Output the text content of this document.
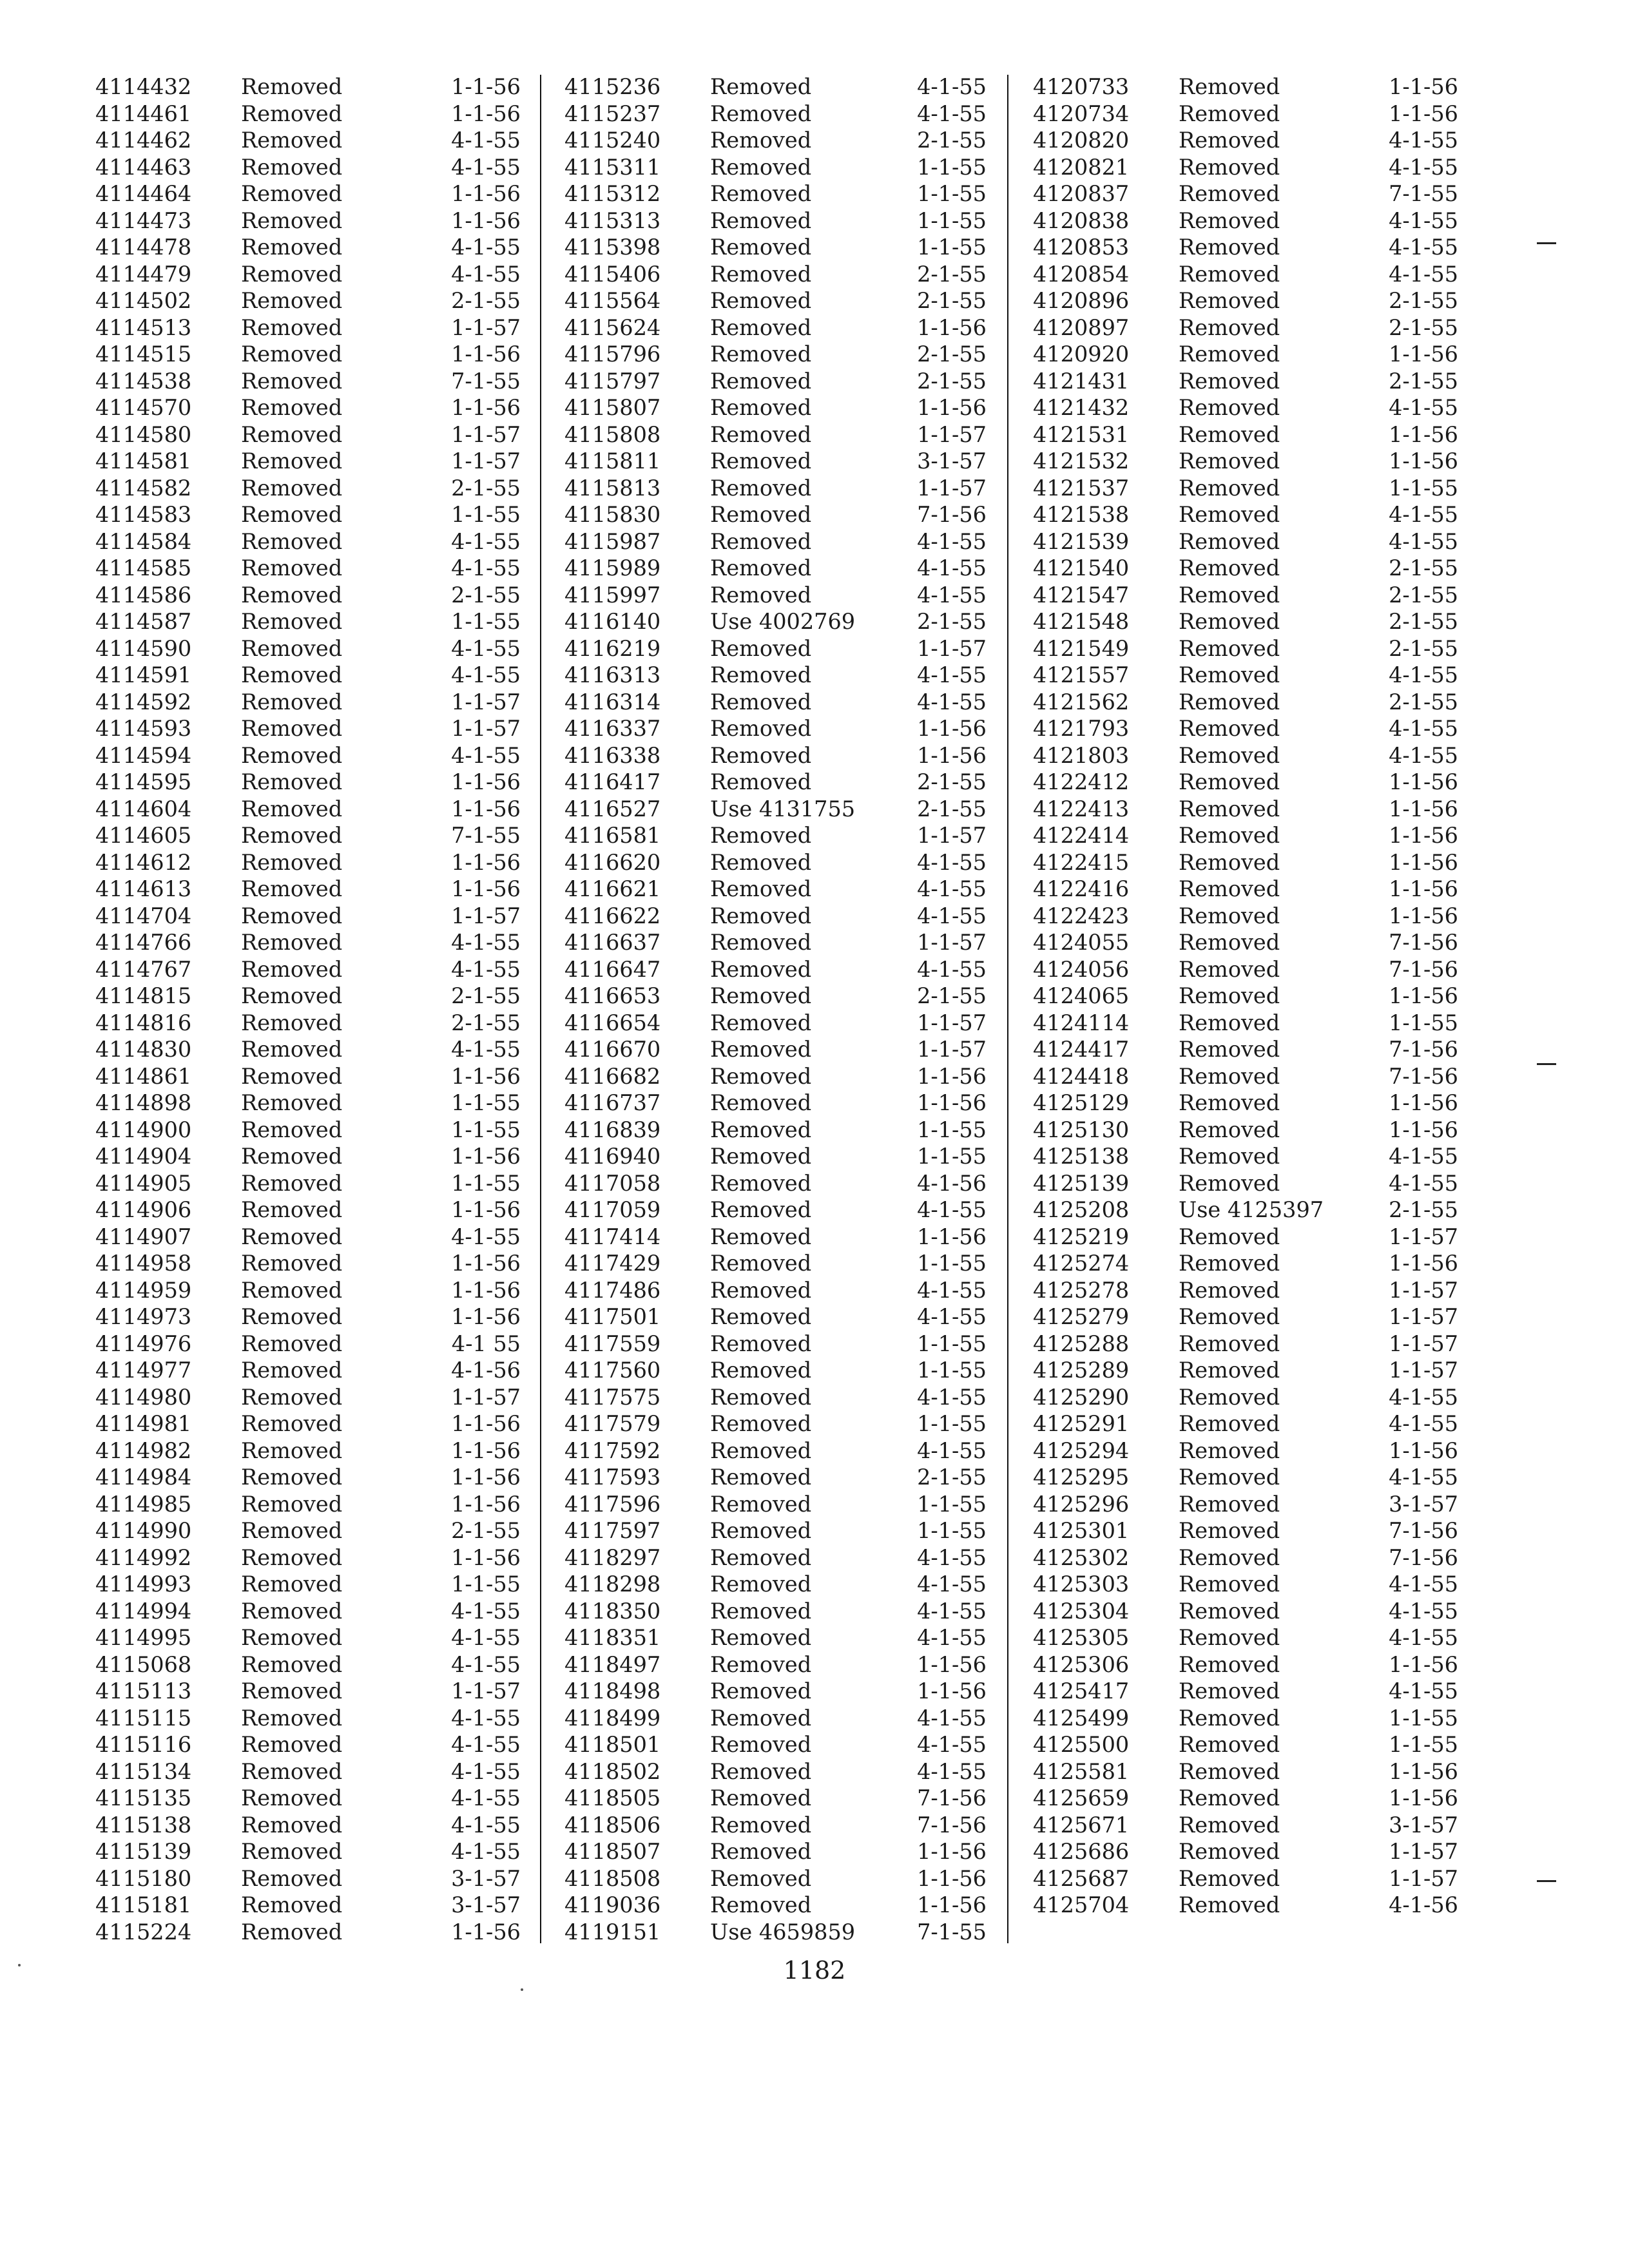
4114432 Removed	1-1-56
4114461 Removed	1-1-56
4114462 Removed	4-1-55
4114463 Removed	4-1-55
4114464 Removed	1-1-56
4114473 Removed	1-1-56
4114478 Removed	4-1-55
4114479 Removed	4-1-55
4114502 Removed	2-1-55
4114513 Removed	1-1-57
4114515 Removed	1-1-56
4114538 Removed	7-1-55
4114570 Removed	1-1-56
4114580 Removed	1-1-57
4114581 Removed	1-1-57
4114582 Removed	2-1-55
4114583 Removed	1-1-55
4114584 Removed	4-1-55
4114585 Removed	4-1-55
4114586 Removed	2-1-55
4114587 Removed	1-1-55
4114590 Removed	4-1-55
4114591 Removed	4-1-55
4114592 Removed	1-1-57
4114593 Removed	1-1-57
4114594 Removed	4-1-55
4114595 Removed	1-1-56
4114604 Removed	1-1-56
4114605 Removed	7-1-55
4114612 Removed	1-1-56
4114613 Removed	1-1-56
4114704 Removed	1-1-57
4114766 Removed	4-1-55
4114767 Removed	4-1-55
4114815 Removed	2-1-55
4114816 Removed	2-1-55
4114830 Removed	4-1-55
4114861 Removed	1-1-56
4114898 Removed	1-1-55
4114900 Removed	1-1-55
4114904 Removed	1-1-56
4114905 Removed	1-1-55
4114906 Removed	1-1-56
4114907 Removed	4-1-55
4114958 Removed	1-1-56
4114959 Removed	1-1-56
4114973 Removed	1-1-56
4114976 Removed	4-1 55
4114977 Removed	4-1-56
4114980 Removed	1-1-57
4114981 Removed	1-1-56
4114982 Removed	1-1-56
4114984 Removed	1-1-56
4114985 Removed	1-1-56
4114990 Removed	2-1-55
4114992 Removed	1-1-56
4114993 Removed	1-1-55
4114994 Removed	4-1-55
4114995 Removed	4-1-55
4115068 Removed	4-1-55
4115113 Removed	1-1-57
4115115 Removed	4-1-55
4115116 Removed	4-1-55
4115134 Removed	4-1-55
4115135 Removed	4-1-55
4115138 Removed	4-1-55
4115139 Removed	4-1-55
4115180 Removed	3-1-57
4115181 Removed	3-1-57
4115224 Removed	1-1-56
4115236 Removed	4-1-55
4115237 Removed	4-1-55
4115240 Removed	2-1-55
4115311 Removed	1-1-55
4115312 Removed	1-1-55
4115313 Removed	1-1-55
4115398 Removed	1-1-55
4115406 Removed	2-1-55
4115564 Removed	2-1-55
4115624 Removed	1-1-56
4115796 Removed	2-1-55
4115797 Removed	2-1-55
4115807 Removed	1-1-56
4115808 Removed	1-1-57
4115811 Removed	3-1-57
4115813 Removed	1-1-57
4115830 Removed	7-1-56
4115987 Removed	4-1-55
4115989 Removed	4-1-55
4115997 Removed	4-1-55
4116140 Use 4002769	2-1-55
4116219 Removed	1-1-57
4116313 Removed	4-1-55
4116314 Removed	4-1-55
4116337 Removed	1-1-56
4116338 Removed	1-1-56
4116417 Removed	2-1-55
4116527 Use 4131755	2-1-55
4116581 Removed	1-1-57
4116620 Removed	4-1-55
4116621 Removed	4-1-55
4116622 Removed	4-1-55
4116637 Removed	1-1-57
4116647 Removed	4-1-55
4116653 Removed	2-1-55
4116654 Removed	1-1-57
4116670 Removed	1-1-57
4116682 Removed	1-1-56
4116737 Removed	1-1-56
4116839 Removed	1-1-55
4116940 Removed	1-1-55
4117058 Removed	4-1-56
4117059 Removed	4-1-55
4117414 Removed	1-1-56
4117429 Removed	1-1-55
4117486 Removed	4-1-55
4117501 Removed	4-1-55
4117559 Removed	1-1-55
4117560 Removed	1-1-55
4117575 Removed	4-1-55
4117579 Removed	1-1-55
4117592 Removed	4-1-55
4117593 Removed	2-1-55
4117596 Removed	1-1-55
4117597 Removed	1-1-55
4118297 Removed	4-1-55
4118298 Removed	4-1-55
4118350 Removed	4-1-55
4118351 Removed	4-1-55
4118497 Removed	1-1-56
4118498 Removed	1-1-56
4118499 Removed	4-1-55
4118501 Removed	4-1-55
4118502 Removed	4-1-55
4118505 Removed	7-1-56
4118506 Removed	7-1-56
4118507 Removed	1-1-56
4118508 Removed	1-1-56
4119036 Removed	1-1-56
4119151 Use 4659859	7-1-55
4120733 Removed	1-1-56
4120734 Removed	1-1-56
4120820 Removed	4-1-55
4120821 Removed	4-1-55
4120837 Removed	7-1-55
4120838 Removed	4-1-55
4120853 Removed	4-1-55
4120854 Removed	4-1-55
4120896 Removed	2-1-55
4120897 Removed	2-1-55
4120920 Removed	1-1-56
4121431 Removed	2-1-55
4121432 Removed	4-1-55
4121531 Removed	1-1-56
4121532 Removed	1-1-56
4121537 Removed	1-1-55
4121538 Removed	4-1-55
4121539 Removed	4-1-55
4121540 Removed	2-1-55
4121547 Removed	2-1-55
4121548 Removed	2-1-55
4121549 Removed	2-1-55
4121557 Removed	4-1-55
4121562 Removed	2-1-55
4121793 Removed	4-1-55
4121803 Removed	4-1-55
4122412 Removed	1-1-56
4122413 Removed	1-1-56
4122414 Removed	1-1-56
4122415 Removed	1-1-56
4122416 Removed	1-1-56
4122423 Removed	1-1-56
4124055 Removed	7-1-56
4124056 Removed	7-1-56
4124065 Removed	1-1-56
4124114 Removed	1-1-55
4124417 Removed	7-1-56
4124418 Removed	7-1-56
4125129 Removed	1-1-56
4125130 Removed	1-1-56
4125138 Removed	4-1-55
4125139 Removed	4-1-55
4125208 Use 4125397	2-1-55
4125219 Removed	1-1-57
4125274 Removed	1-1-56
4125278 Removed	1-1-57
4125279 Removed	1-1-57
4125288 Removed	1-1-57
4125289 Removed	1-1-57
4125290 Removed	4-1-55
4125291 Removed	4-1-55
4125294 Removed	1-1-56
4125295 Removed	4-1-55
4125296 Removed	3-1-57
4125301 Removed	7-1-56
4125302 Removed	7-1-56
4125303 Removed	4-1-55
4125304 Removed	4-1-55
4125305 Removed	4-1-55
4125306 Removed	1-1-56
4125417 Removed	4-1-55
4125499 Removed	1-1-55
4125500 Removed	1-1-55
4125581 Removed	1-1-56
4125659 Removed	1-1-56
4125671 Removed	3-1-57
4125686 Removed	1-1-57
4125687 Removed	1-1-57
4125704 Removed	4-1-56
1182
